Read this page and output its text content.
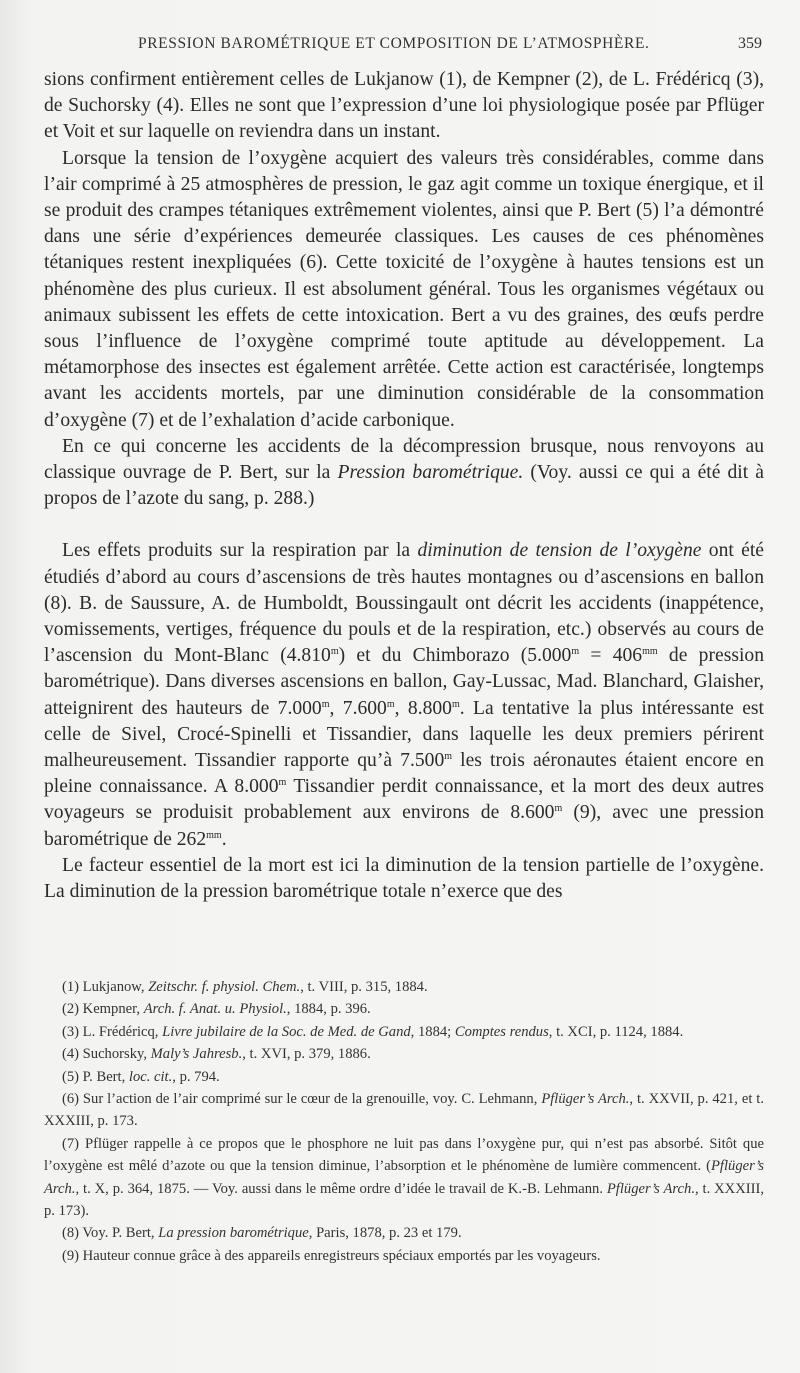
PRESSION BAROMÉTRIQUE ET COMPOSITION DE L’ATMOSPHÈRE.	359

sions confirment entièrement celles de Lukjanow (1), de Kempner (2), de L. Frédéricq (3), de Suchorsky (4). Elles ne sont que l’expression d’une loi physiologique posée par Pflüger et Voit et sur laquelle on reviendra dans un instant.

Lorsque la tension de l’oxygène acquiert des valeurs très considérables, comme dans l’air comprimé à 25 atmosphères de pression, le gaz agit comme un toxique énergique, et il se produit des crampes tétaniques extrêmement violentes, ainsi que P. Bert (5) l’a démontré dans une série d’expériences demeurée classiques. Les causes de ces phénomènes tétaniques restent inexpliquées (6). Cette toxicité de l’oxygène à hautes tensions est un phénomène des plus curieux. Il est absolument général. Tous les organismes végétaux ou animaux subissent les effets de cette intoxication. Bert a vu des graines, des œufs perdre sous l’influence de l’oxygène comprimé toute aptitude au développement. La métamorphose des insectes est également arrêtée. Cette action est caractérisée, longtemps avant les accidents mortels, par une diminution considérable de la consommation d’oxygène (7) et de l’exhalation d’acide carbonique.

En ce qui concerne les accidents de la décompression brusque, nous renvoyons au classique ouvrage de P. Bert, sur la Pression barométrique. (Voy. aussi ce qui a été dit à propos de l’azote du sang, p. 288.)

Les effets produits sur la respiration par la diminution de tension de l’oxygène ont été étudiés d’abord au cours d’ascensions de très hautes montagnes ou d’ascensions en ballon (8). B. de Saussure, A. de Humboldt, Boussingault ont décrit les accidents (inappétence, vomissements, vertiges, fréquence du pouls et de la respiration, etc.) observés au cours de l’ascension du Mont-Blanc (4.810$^m$) et du Chimborazo ($5.000^m = 406^{mm}$ de pression barométrique). Dans diverses ascensions en ballon, Gay-Lussac, Mad. Blanchard, Glaisher, atteignirent des hauteurs de 7.000$^m$, 7.600$^m$, 8.800$^m$. La tentative la plus intéressante est celle de Sivel, Crocé-Spinelli et Tissandier, dans laquelle les deux premiers périrent malheureusement. Tissandier rapporte qu’à 7.500$^m$ les trois aéronautes étaient encore en pleine connaissance. A 8.000$^m$ Tissandier perdit connaissance, et la mort des deux autres voyageurs se produisit probablement aux environs de 8.600$^m$ (9), avec une pression barométrique de $262^{mm}$.

Le facteur essentiel de la mort est ici la diminution de la tension partielle de l’oxygène. La diminution de la pression barométrique totale n’exerce que des

(1) Lukjanow, Zeitschr. f. physiol. Chem., t. VIII, p. 315, 1884.

(2) Kempner, Arch. f. Anat. u. Physiol., 1884, p. 396.

(3) L. Frédéricq, Livre jubilaire de la Soc. de Med. de Gand, 1884; Comptes rendus, t. XCI, p. 1124, 1884.

(4) Suchorsky, Maly’s Jahresb., t. XVI, p. 379, 1886.

(5) P. Bert, loc. cit., p. 794.

(6) Sur l’action de l’air comprimé sur le cœur de la grenouille, voy. C. Lehmann, Pflüger’s Arch., t. XXVII, p. 421, et t. XXXIII, p. 173.

(7) Pflüger rappelle à ce propos que le phosphore ne luit pas dans l’oxygène pur, qui n’est pas absorbé. Sitôt que l’oxygène est mêlé d’azote ou que la tension diminue, l’absorption et le phénomène de lumière commencent. (Pflüger’s Arch., t. X, p. 364, 1875. — Voy. aussi dans le même ordre d’idée le travail de K.-B. Lehmann. Pflüger’s Arch., t. XXXIII, p. 173).

(8) Voy. P. Bert, La pression barométrique, Paris, 1878, p. 23 et 179.

(9) Hauteur connue grâce à des appareils enregistreurs spéciaux emportés par les voyageurs.
